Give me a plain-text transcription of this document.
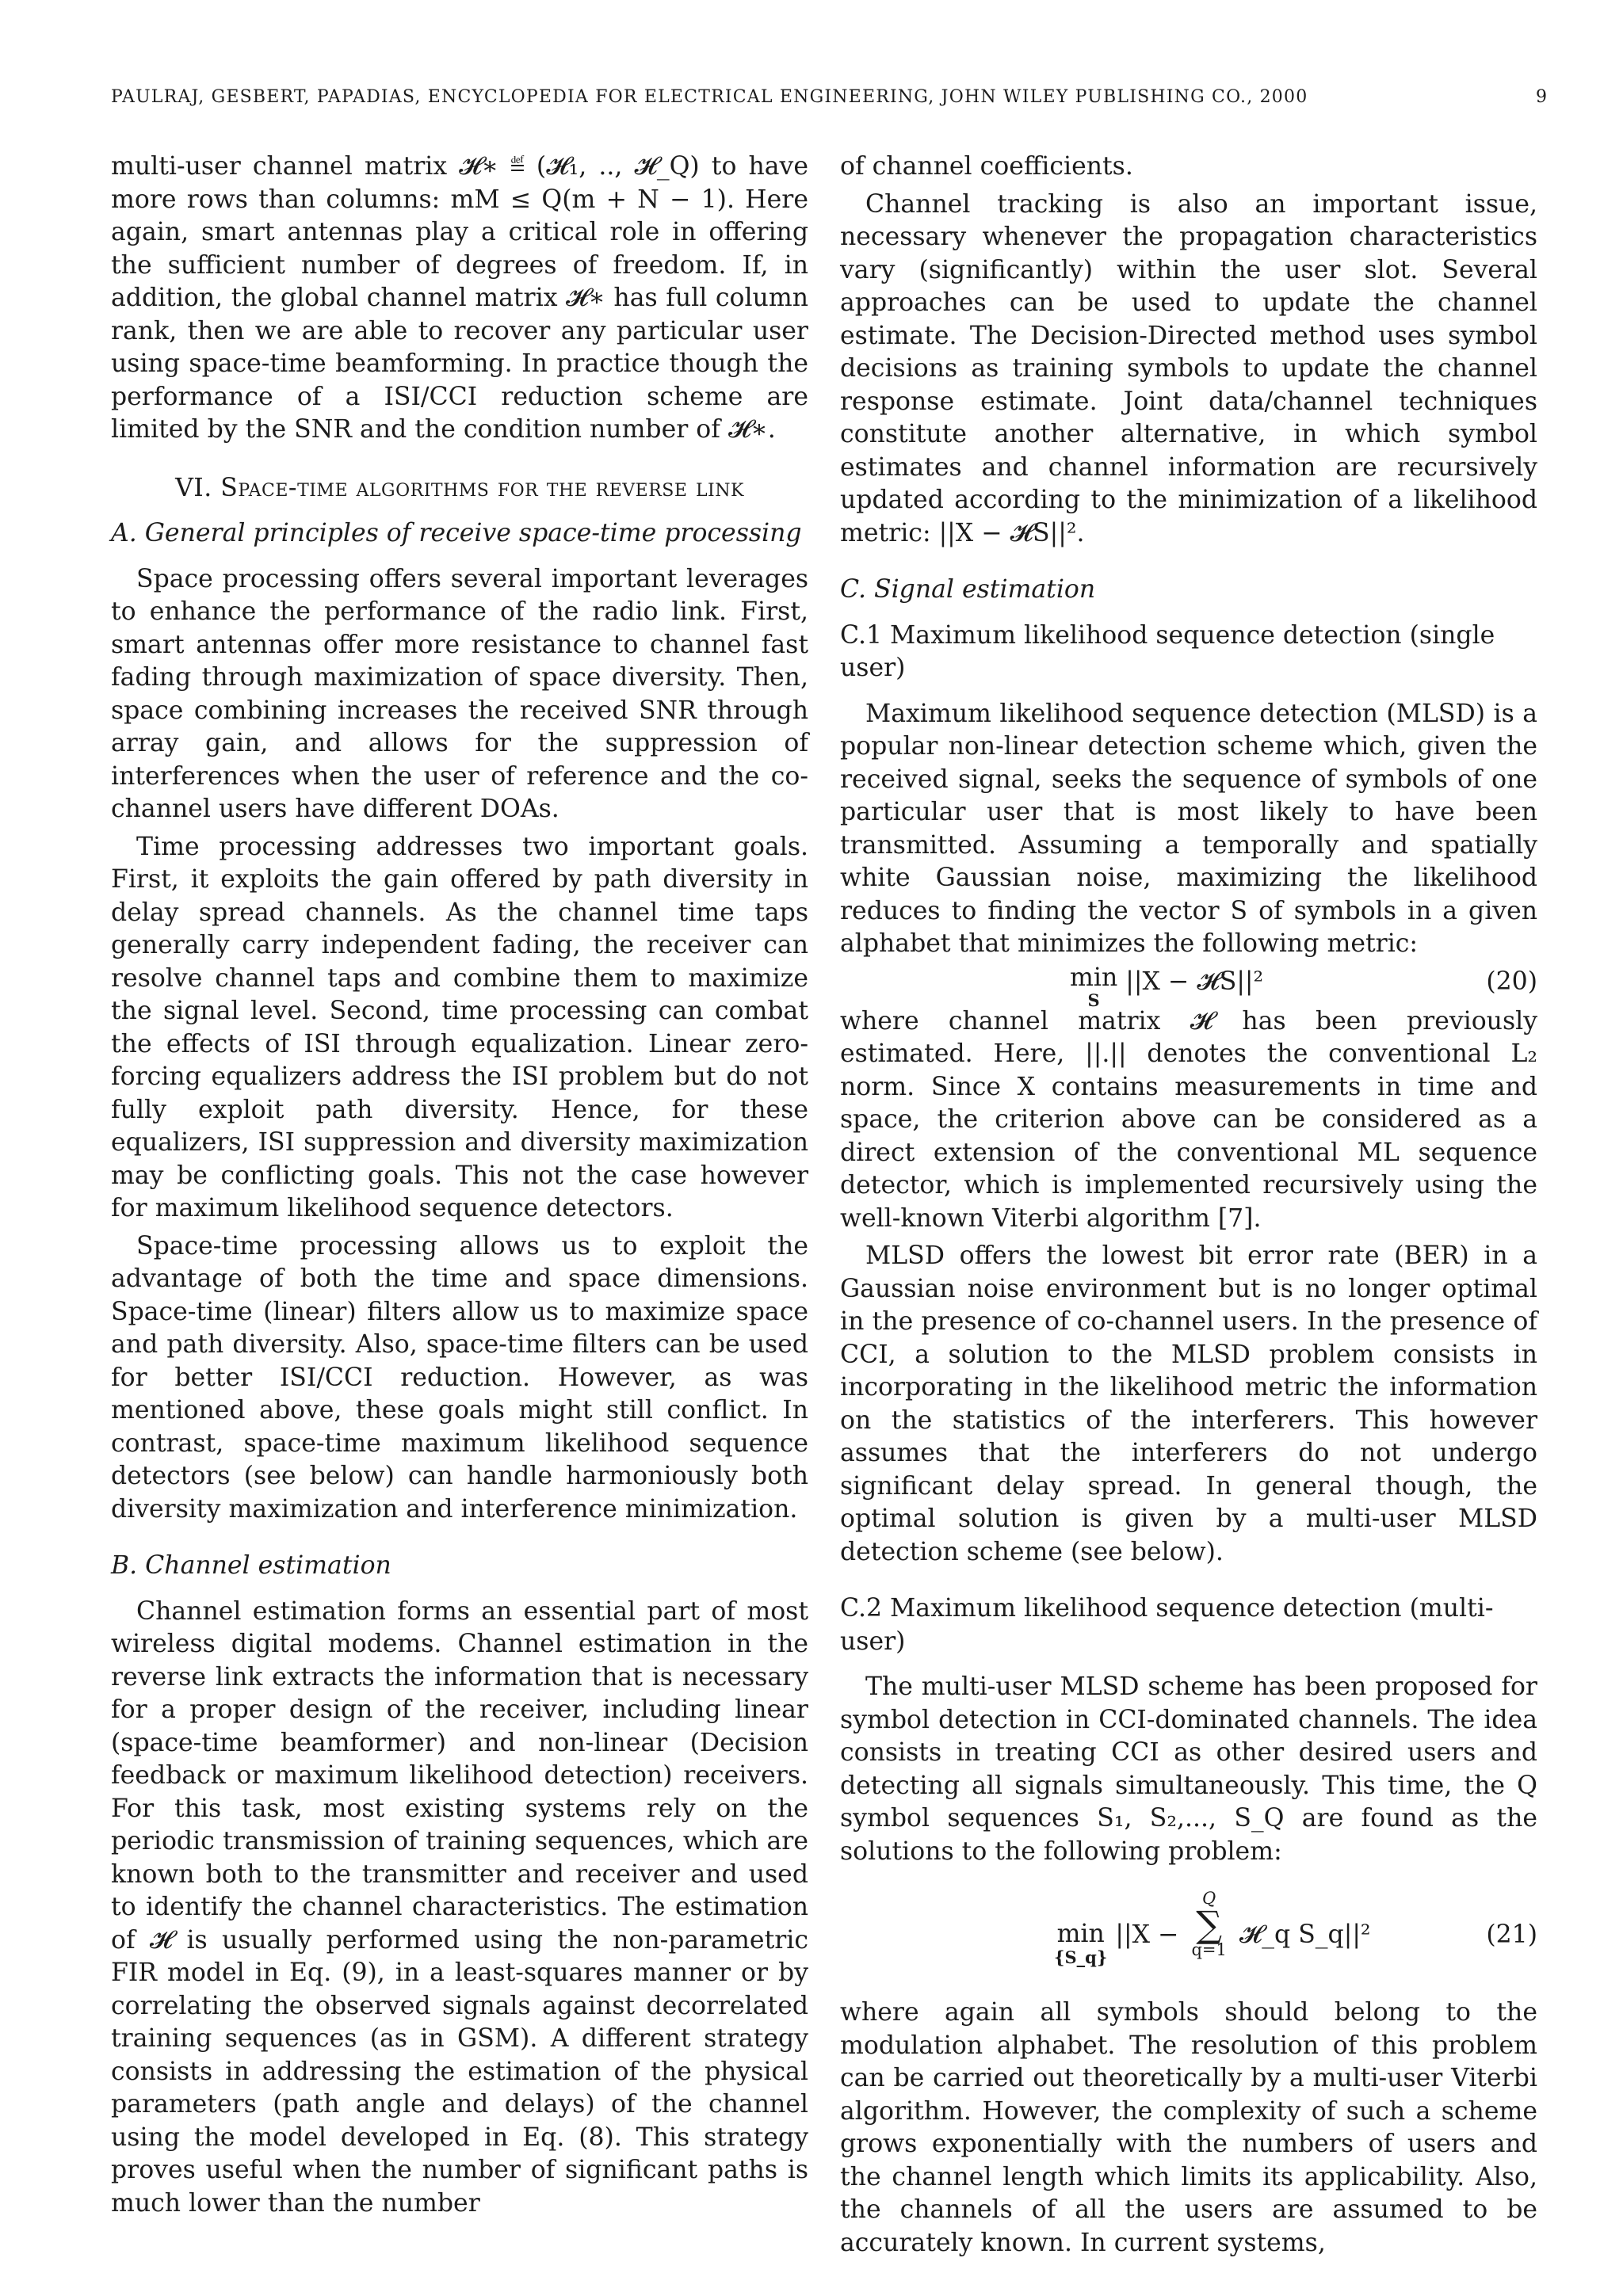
PAULRAJ, GESBERT, PAPADIAS, ENCYCLOPEDIA FOR ELECTRICAL ENGINEERING, JOHN WILEY PUBLISHING CO., 2000	9

multi-user channel matrix 𝓗∗ ≝ (𝓗₁, .., 𝓗_Q) to have more rows than columns: mM ≤ Q(m + N − 1). Here again, smart antennas play a critical role in offering the sufficient number of degrees of freedom. If, in addition, the global channel matrix 𝓗∗ has full column rank, then we are able to recover any particular user using space-time beamforming. In practice though the performance of a ISI/CCI reduction scheme are limited by the SNR and the condition number of 𝓗∗.

VI. Space-time algorithms for the reverse link
A. General principles of receive space-time processing

Space processing offers several important leverages to enhance the performance of the radio link. First, smart antennas offer more resistance to channel fast fading through maximization of space diversity. Then, space combining increases the received SNR through array gain, and allows for the suppression of interferences when the user of reference and the co-channel users have different DOAs.

Time processing addresses two important goals. First, it exploits the gain offered by path diversity in delay spread channels. As the channel time taps generally carry independent fading, the receiver can resolve channel taps and combine them to maximize the signal level. Second, time processing can combat the effects of ISI through equalization. Linear zero-forcing equalizers address the ISI problem but do not fully exploit path diversity. Hence, for these equalizers, ISI suppression and diversity maximization may be conflicting goals. This not the case however for maximum likelihood sequence detectors.

Space-time processing allows us to exploit the advantage of both the time and space dimensions. Space-time (linear) filters allow us to maximize space and path diversity. Also, space-time filters can be used for better ISI/CCI reduction. However, as was mentioned above, these goals might still conflict. In contrast, space-time maximum likelihood sequence detectors (see below) can handle harmoniously both diversity maximization and interference minimization.

B. Channel estimation

Channel estimation forms an essential part of most wireless digital modems. Channel estimation in the reverse link extracts the information that is necessary for a proper design of the receiver, including linear (space-time beamformer) and non-linear (Decision feedback or maximum likelihood detection) receivers. For this task, most existing systems rely on the periodic transmission of training sequences, which are known both to the transmitter and receiver and used to identify the channel characteristics. The estimation of 𝓗 is usually performed using the non-parametric FIR model in Eq. (9), in a least-squares manner or by correlating the observed signals against decorrelated training sequences (as in GSM). A different strategy consists in addressing the estimation of the physical parameters (path angle and delays) of the channel using the model developed in Eq. (8). This strategy proves useful when the number of significant paths is much lower than the number

of channel coefficients.

Channel tracking is also an important issue, necessary whenever the propagation characteristics vary (significantly) within the user slot. Several approaches can be used to update the channel estimate. The Decision-Directed method uses symbol decisions as training symbols to update the channel response estimate. Joint data/channel techniques constitute another alternative, in which symbol estimates and channel information are recursively updated according to the minimization of a likelihood metric: ||X − 𝓗S||².

C. Signal estimation
C.1 Maximum likelihood sequence detection (single user)

Maximum likelihood sequence detection (MLSD) is a popular non-linear detection scheme which, given the received signal, seeks the sequence of symbols of one particular user that is most likely to have been transmitted. Assuming a temporally and spatially white Gaussian noise, maximizing the likelihood reduces to finding the vector S of symbols in a given alphabet that minimizes the following metric:

min
S
||X − 𝓗S||²	(20)

where channel matrix 𝓗 has been previously estimated. Here, ||.|| denotes the conventional L₂ norm. Since X contains measurements in time and space, the criterion above can be considered as a direct extension of the conventional ML sequence detector, which is implemented recursively using the well-known Viterbi algorithm [7].

MLSD offers the lowest bit error rate (BER) in a Gaussian noise environment but is no longer optimal in the presence of co-channel users. In the presence of CCI, a solution to the MLSD problem consists in incorporating in the likelihood metric the information on the statistics of the interferers. This however assumes that the interferers do not undergo significant delay spread. In general though, the optimal solution is given by a multi-user MLSD detection scheme (see below).

C.2 Maximum likelihood sequence detection (multi-user)

The multi-user MLSD scheme has been proposed for symbol detection in CCI-dominated channels. The idea consists in treating CCI as other desired users and detecting all signals simultaneously. This time, the Q symbol sequences S₁, S₂,..., S_Q are found as the solutions to the following problem:

min
{S_q}
||X −
Q
∑
q=1
𝓗_q S_q||²	(21)

where again all symbols should belong to the modulation alphabet. The resolution of this problem can be carried out theoretically by a multi-user Viterbi algorithm. However, the complexity of such a scheme grows exponentially with the numbers of users and the channel length which limits its applicability. Also, the channels of all the users are assumed to be accurately known. In current systems,
